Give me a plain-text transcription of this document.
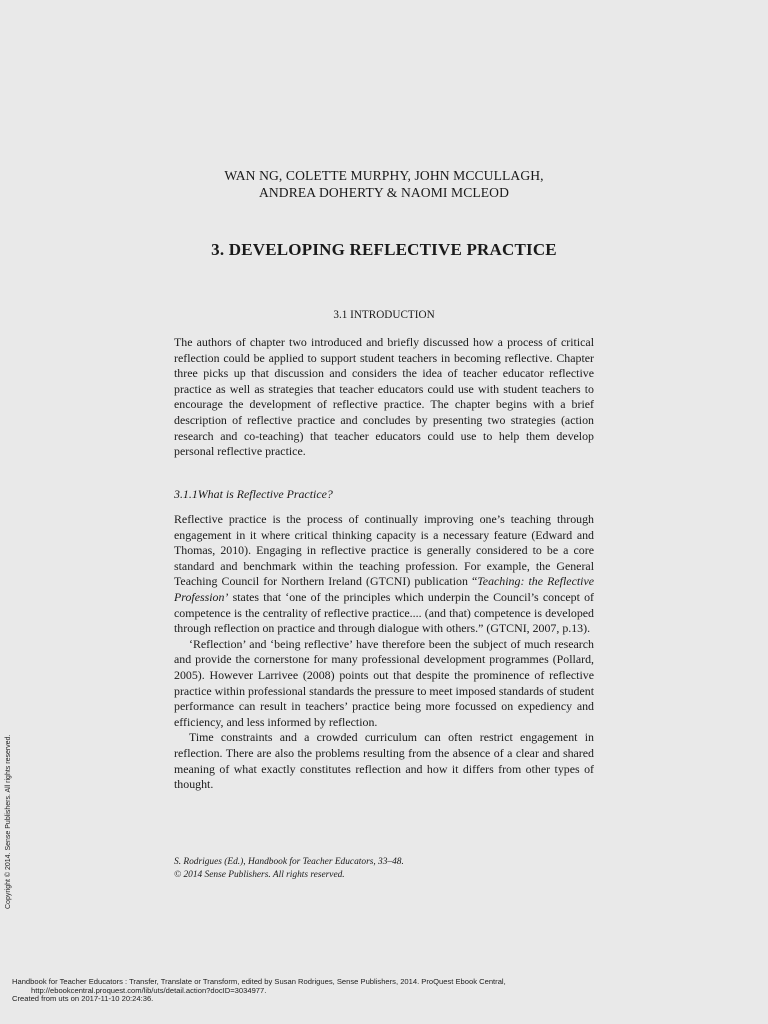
WAN NG, COLETTE MURPHY, JOHN MCCULLAGH,
ANDREA DOHERTY & NAOMI MCLEOD
3. DEVELOPING REFLECTIVE PRACTICE
3.1 INTRODUCTION

The authors of chapter two introduced and briefly discussed how a process of critical reflection could be applied to support student teachers in becoming reflective. Chapter three picks up that discussion and considers the idea of teacher educator reflective practice as well as strategies that teacher educators could use with student teachers to encourage the development of reflective practice. The chapter begins with a brief description of reflective practice and concludes by presenting two strategies (action research and co-teaching) that teacher educators could use to help them develop personal reflective practice.

3.1.1What is Reflective Practice?

Reflective practice is the process of continually improving one’s teaching through engagement in it where critical thinking capacity is a necessary feature (Edward and Thomas, 2010). Engaging in reflective practice is generally considered to be a core standard and benchmark within the teaching profession. For example, the General Teaching Council for Northern Ireland (GTCNI) publication “Teaching: the Reflective Profession’ states that ‘one of the principles which underpin the Council’s concept of competence is the centrality of reflective practice.... (and that) competence is developed through reflection on practice and through dialogue with others.” (GTCNI, 2007, p.13).

‘Reflection’ and ‘being reflective’ have therefore been the subject of much research and provide the cornerstone for many professional development programmes (Pollard, 2005). However Larrivee (2008) points out that despite the prominence of reflective practice within professional standards the pressure to meet imposed standards of student performance can result in teachers’ practice being more focussed on expediency and efficiency, and less informed by reflection.

Time constraints and a crowded curriculum can often restrict engagement in reflection. There are also the problems resulting from the absence of a clear and shared meaning of what exactly constitutes reflection and how it differs from other types of thought.

S. Rodrigues (Ed.), Handbook for Teacher Educators, 33–48.
© 2014 Sense Publishers. All rights reserved.
Copyright © 2014. Sense Publishers. All rights reserved.
Handbook for Teacher Educators : Transfer, Translate or Transform, edited by Susan Rodrigues, Sense Publishers, 2014. ProQuest Ebook Central,
http://ebookcentral.proquest.com/lib/uts/detail.action?docID=3034977.
Created from uts on 2017-11-10 20:24:36.
